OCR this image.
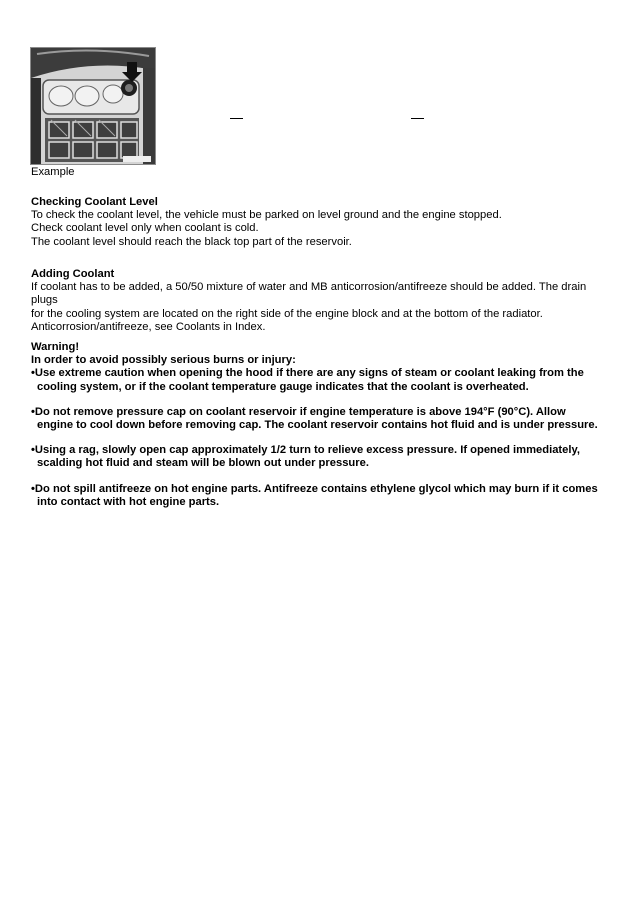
Example

Checking Coolant Level

To check the coolant level, the vehicle must be parked on level ground and the engine stopped.

Check coolant level only when coolant is cold.

The coolant level should reach the black top part of the reservoir.

Adding Coolant

If coolant has to be added, a 50/50 mixture of water and MB anticorrosion/antifreeze should be added. The drain

plugs

for the cooling system are located on the right side of the engine block and at the bottom of the radiator.

Anticorrosion/antifreeze, see Coolants in Index.

Warning!

In order to avoid possibly serious burns or injury:

•Use extreme caution when opening the hood if there are any signs of steam or coolant leaking from the
cooling system, or if the coolant temperature gauge indicates that the coolant is overheated.
•Do not remove pressure cap on coolant reservoir if engine temperature is above 194°F (90°C). Allow
engine to cool down before removing cap. The coolant reservoir contains hot fluid and is under pressure.
•Using a rag, slowly open cap approximately 1/2 turn to relieve excess pressure. If opened immediately,
scalding hot fluid and steam will be blown out under pressure.
•Do not spill antifreeze on hot engine parts. Antifreeze contains ethylene glycol which may burn if it comes
into contact with hot engine parts.
